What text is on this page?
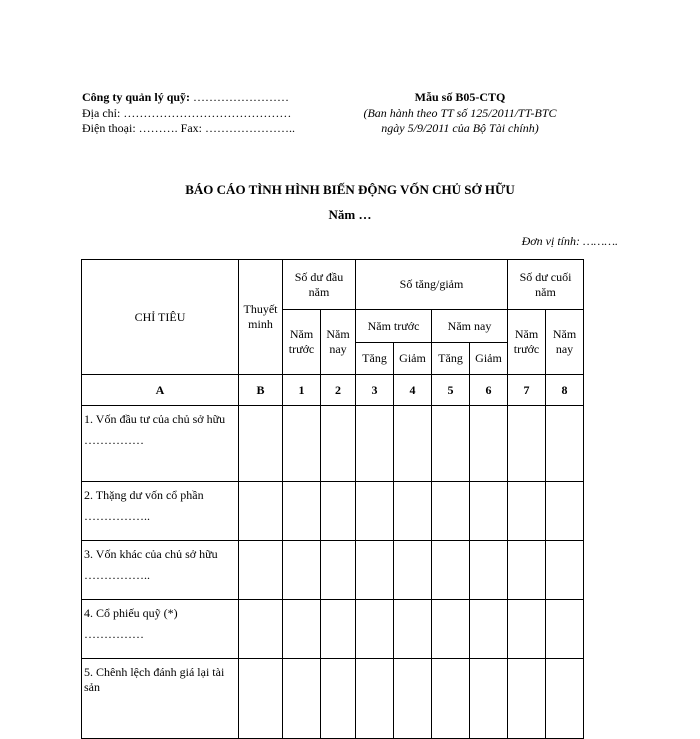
Công ty quản lý quỹ: ……………………
Địa chỉ: ……………………………………
Điện thoại: ………. Fax: …………………..
Mẫu số B05-CTQ
(Ban hành theo TT số 125/2011/TT-BTC
ngày 5/9/2011 của Bộ Tài chính)
BÁO CÁO TÌNH HÌNH BIẾN ĐỘNG VỐN CHỦ SỞ HỮU
Năm …
Đơn vị tính: ……….
CHỈ TIÊU	Thuyết minh	Số dư đầu năm		Số tăng/giảm				Số dư cuối năm	
		Năm trước	Năm nay	Năm trước		Năm nay		Năm trước	Năm nay
				Tăng	Giảm	Tăng	Giảm		
A	B	1	2	3	4	5	6	7	8

1. Vốn đầu tư của chủ sở hữu
……………									

2. Thặng dư vốn cổ phần
……………..									

3. Vốn khác của chủ sở hữu
……………..									

4. Cổ phiếu quỹ (*)
……………									

5. Chênh lệch đánh giá lại tài sản									
